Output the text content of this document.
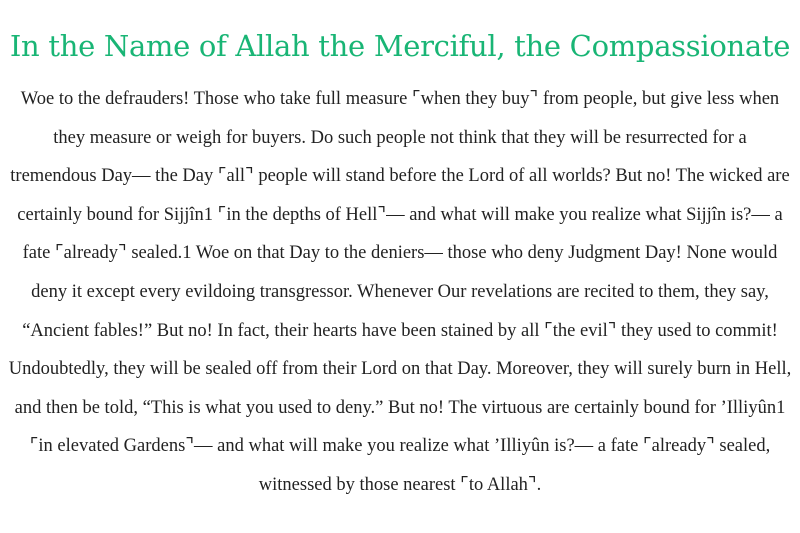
In the Name of Allah the Merciful, the Compassionate

Woe to the defrauders! Those who take full measure ⌜when they buy⌝ from people, but give less when they measure or weigh for buyers. Do such people not think that they will be resurrected for a tremendous Day— the Day ⌜all⌝ people will stand before the Lord of all worlds? But no! The wicked are certainly bound for Sijjîn1 ⌜in the depths of Hell⌝— and what will make you realize what Sijjîn is?— a fate ⌜already⌝ sealed.1 Woe on that Day to the deniers— those who deny Judgment Day! None would deny it except every evildoing transgressor. Whenever Our revelations are recited to them, they say, “Ancient fables!” But no! In fact, their hearts have been stained by all ⌜the evil⌝ they used to commit! Undoubtedly, they will be sealed off from their Lord on that Day. Moreover, they will surely burn in Hell, and then be told, “This is what you used to deny.” But no! The virtuous are certainly bound for ’Illiyûn1 ⌜in elevated Gardens⌝— and what will make you realize what ’Illiyûn is?— a fate ⌜already⌝ sealed, witnessed by those nearest ⌜to Allah⌝.
